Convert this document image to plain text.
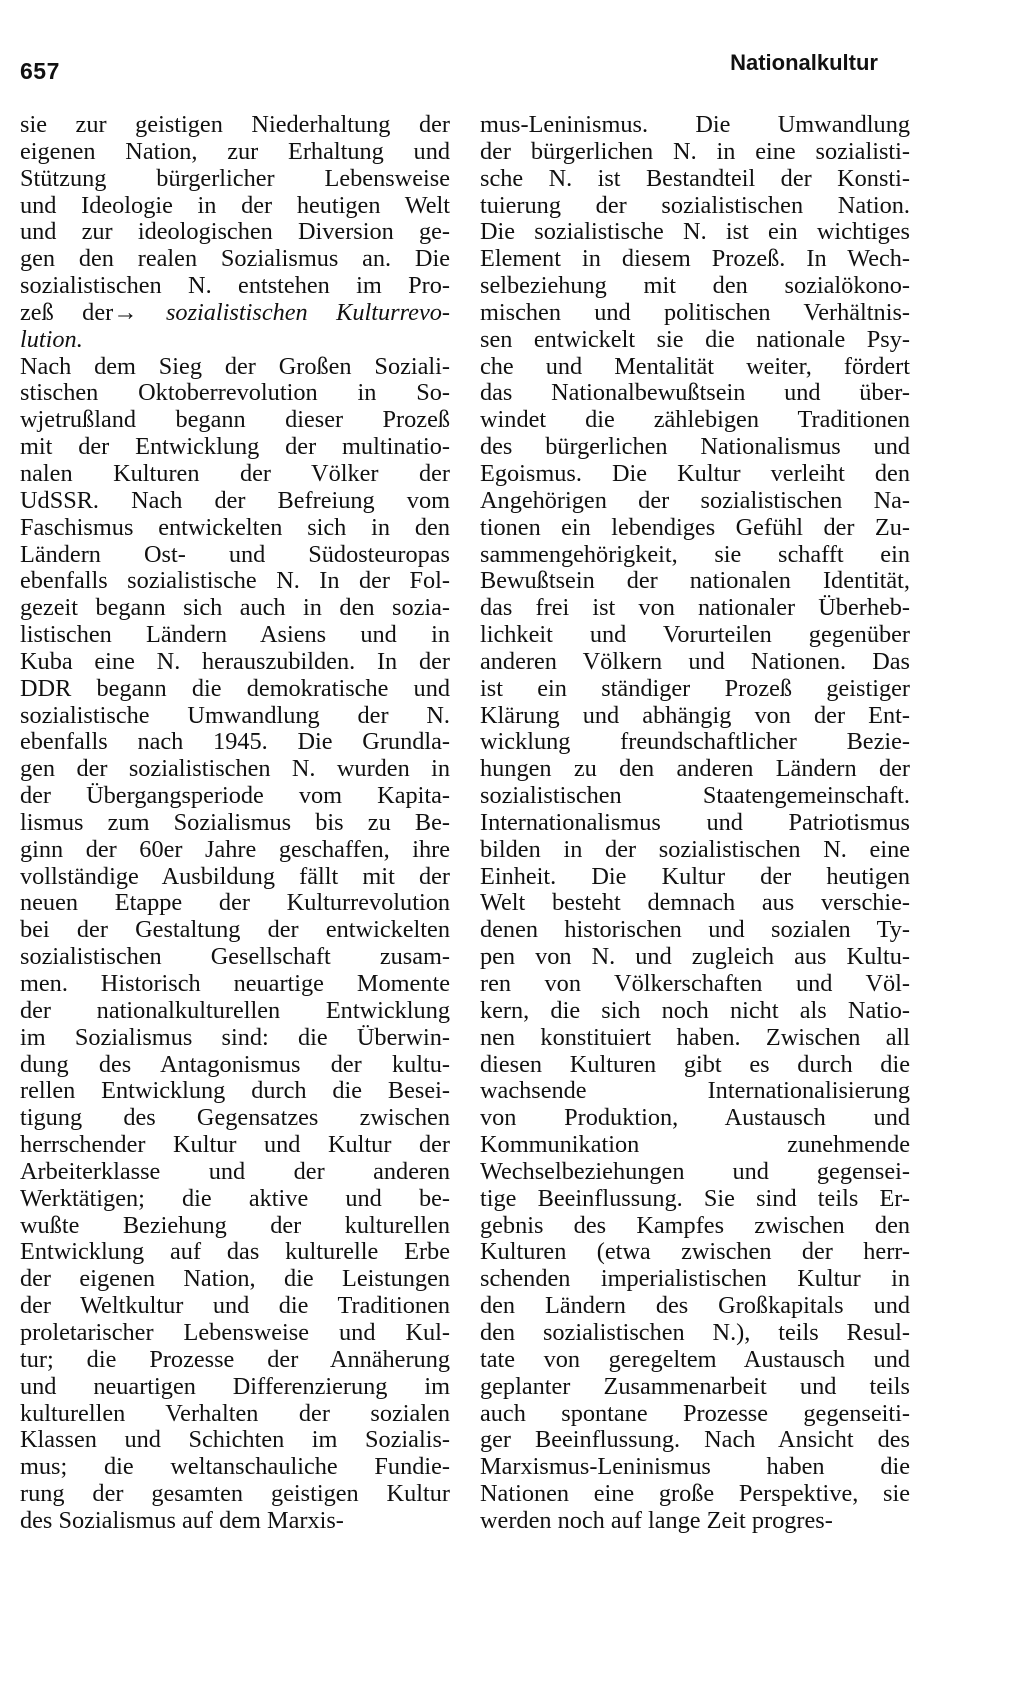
657	Nationalkultur
sie zur geistigen Niederhaltung der
eigenen Nation, zur Erhaltung und
Stützung bürgerlicher Lebensweise
und Ideologie in der heutigen Welt
und zur ideologischen Diversion ge-
gen den realen Sozialismus an. Die
sozialistischen N. entstehen im Pro-
zeß der→ sozialistischen Kulturrevo-
lution.
Nach dem Sieg der Großen Soziali-
stischen Oktoberrevolution in So-
wjetrußland begann dieser Prozeß
mit der Entwicklung der multinatio-
nalen Kulturen der Völker der
UdSSR. Nach der Befreiung vom
Faschismus entwickelten sich in den
Ländern Ost- und Südosteuropas
ebenfalls sozialistische N. In der Fol-
gezeit begann sich auch in den sozia-
listischen Ländern Asiens und in
Kuba eine N. herauszubilden. In der
DDR begann die demokratische und
sozialistische Umwandlung der N.
ebenfalls nach 1945. Die Grundla-
gen der sozialistischen N. wurden in
der Übergangsperiode vom Kapita-
lismus zum Sozialismus bis zu Be-
ginn der 60er Jahre geschaffen, ihre
vollständige Ausbildung fällt mit der
neuen Etappe der Kulturrevolution
bei der Gestaltung der entwickelten
sozialistischen Gesellschaft zusam-
men. Historisch neuartige Momente
der nationalkulturellen Entwicklung
im Sozialismus sind: die Überwin-
dung des Antagonismus der kultu-
rellen Entwicklung durch die Besei-
tigung des Gegensatzes zwischen
herrschender Kultur und Kultur der
Arbeiterklasse und der anderen
Werktätigen; die aktive und be-
wußte Beziehung der kulturellen
Entwicklung auf das kulturelle Erbe
der eigenen Nation, die Leistungen
der Weltkultur und die Traditionen
proletarischer Lebensweise und Kul-
tur; die Prozesse der Annäherung
und neuartigen Differenzierung im
kulturellen Verhalten der sozialen
Klassen und Schichten im Sozialis-
mus; die weltanschauliche Fundie-
rung der gesamten geistigen Kultur
des Sozialismus auf dem Marxis-
mus-Leninismus. Die Umwandlung
der bürgerlichen N. in eine sozialisti-
sche N. ist Bestandteil der Konsti-
tuierung der sozialistischen Nation.
Die sozialistische N. ist ein wichtiges
Element in diesem Prozeß. In Wech-
selbeziehung mit den sozialökono-
mischen und politischen Verhältnis-
sen entwickelt sie die nationale Psy-
che und Mentalität weiter, fördert
das Nationalbewußtsein und über-
windet die zählebigen Traditionen
des bürgerlichen Nationalismus und
Egoismus. Die Kultur verleiht den
Angehörigen der sozialistischen Na-
tionen ein lebendiges Gefühl der Zu-
sammengehörigkeit, sie schafft ein
Bewußtsein der nationalen Identität,
das frei ist von nationaler Überheb-
lichkeit und Vorurteilen gegenüber
anderen Völkern und Nationen. Das
ist ein ständiger Prozeß geistiger
Klärung und abhängig von der Ent-
wicklung freundschaftlicher Bezie-
hungen zu den anderen Ländern der
sozialistischen Staatengemeinschaft.
Internationalismus und Patriotismus
bilden in der sozialistischen N. eine
Einheit. Die Kultur der heutigen
Welt besteht demnach aus verschie-
denen historischen und sozialen Ty-
pen von N. und zugleich aus Kultu-
ren von Völkerschaften und Völ-
kern, die sich noch nicht als Natio-
nen konstituiert haben. Zwischen all
diesen Kulturen gibt es durch die
wachsende Internationalisierung
von Produktion, Austausch und
Kommunikation zunehmende
Wechselbeziehungen und gegensei-
tige Beeinflussung. Sie sind teils Er-
gebnis des Kampfes zwischen den
Kulturen (etwa zwischen der herr-
schenden imperialistischen Kultur in
den Ländern des Großkapitals und
den sozialistischen N.), teils Resul-
tate von geregeltem Austausch und
geplanter Zusammenarbeit und teils
auch spontane Prozesse gegenseiti-
ger Beeinflussung. Nach Ansicht des
Marxismus-Leninismus haben die
Nationen eine große Perspektive, sie
werden noch auf lange Zeit progres-
